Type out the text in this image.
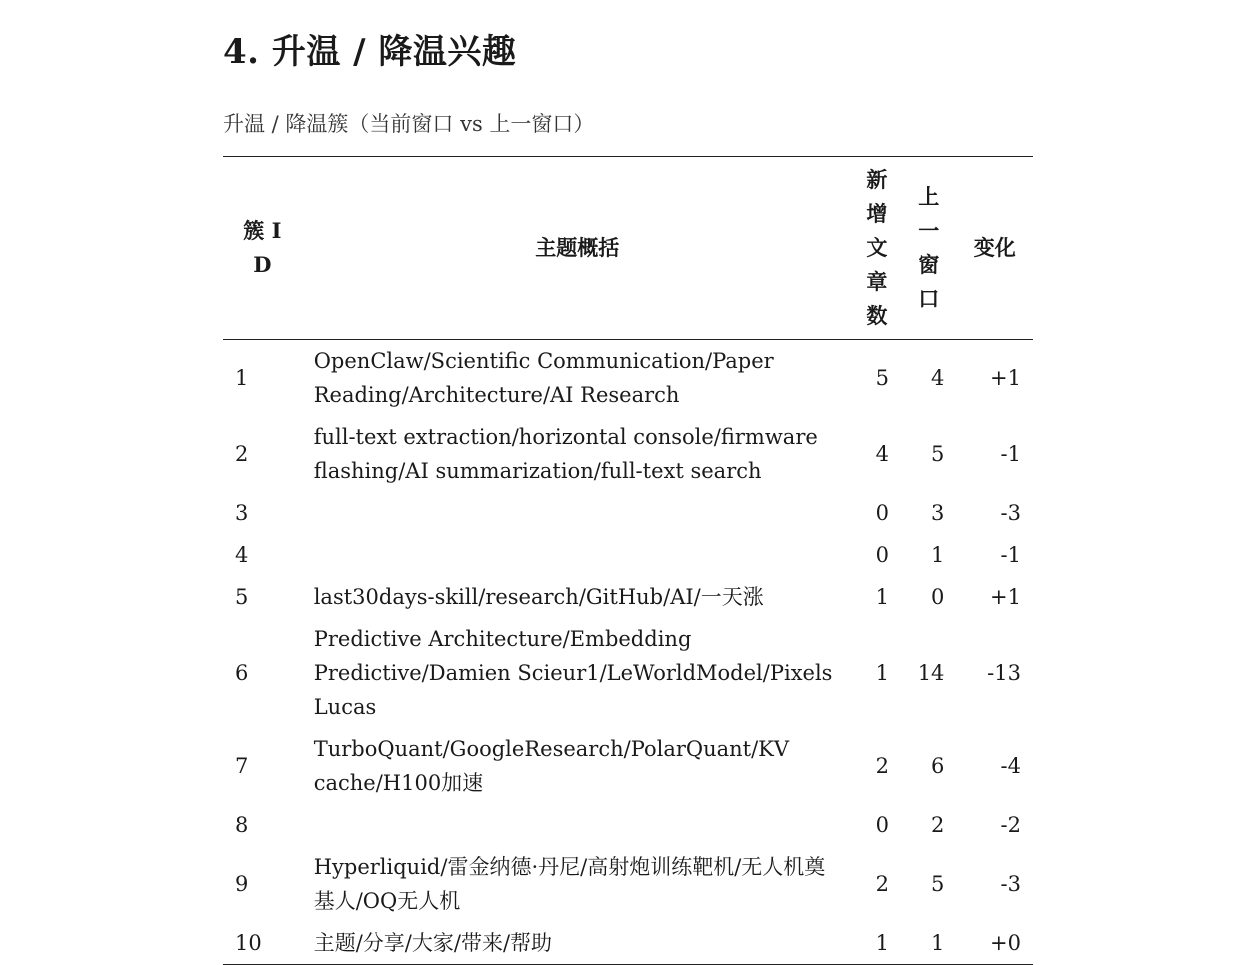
4. 升温 / 降温兴趣
升温 / 降温簇（当前窗口 vs 上一窗口）
簇 ID	主题概括	新增文章数	上一窗口	变化
1	OpenClaw/Scientific Communication/Paper Reading/Architecture/AI Research	5	4	+1
2	full-text extraction/horizontal console/firmware flashing/AI summarization/full-text search	4	5	-1
3		0	3	-3
4		0	1	-1
5	last30days-skill/research/GitHub/AI/一天涨	1	0	+1
6	Predictive Architecture/Embedding Predictive/Damien Scieur1/LeWorldModel/Pixels Lucas	1	14	-13
7	TurboQuant/GoogleResearch/PolarQuant/KV cache/H100加速	2	6	-4
8		0	2	-2
9	Hyperliquid/雷金纳德·丹尼/高射炮训练靶机/无人机奠基人/OQ无人机	2	5	-3
10	主题/分享/大家/带来/帮助	1	1	+0
